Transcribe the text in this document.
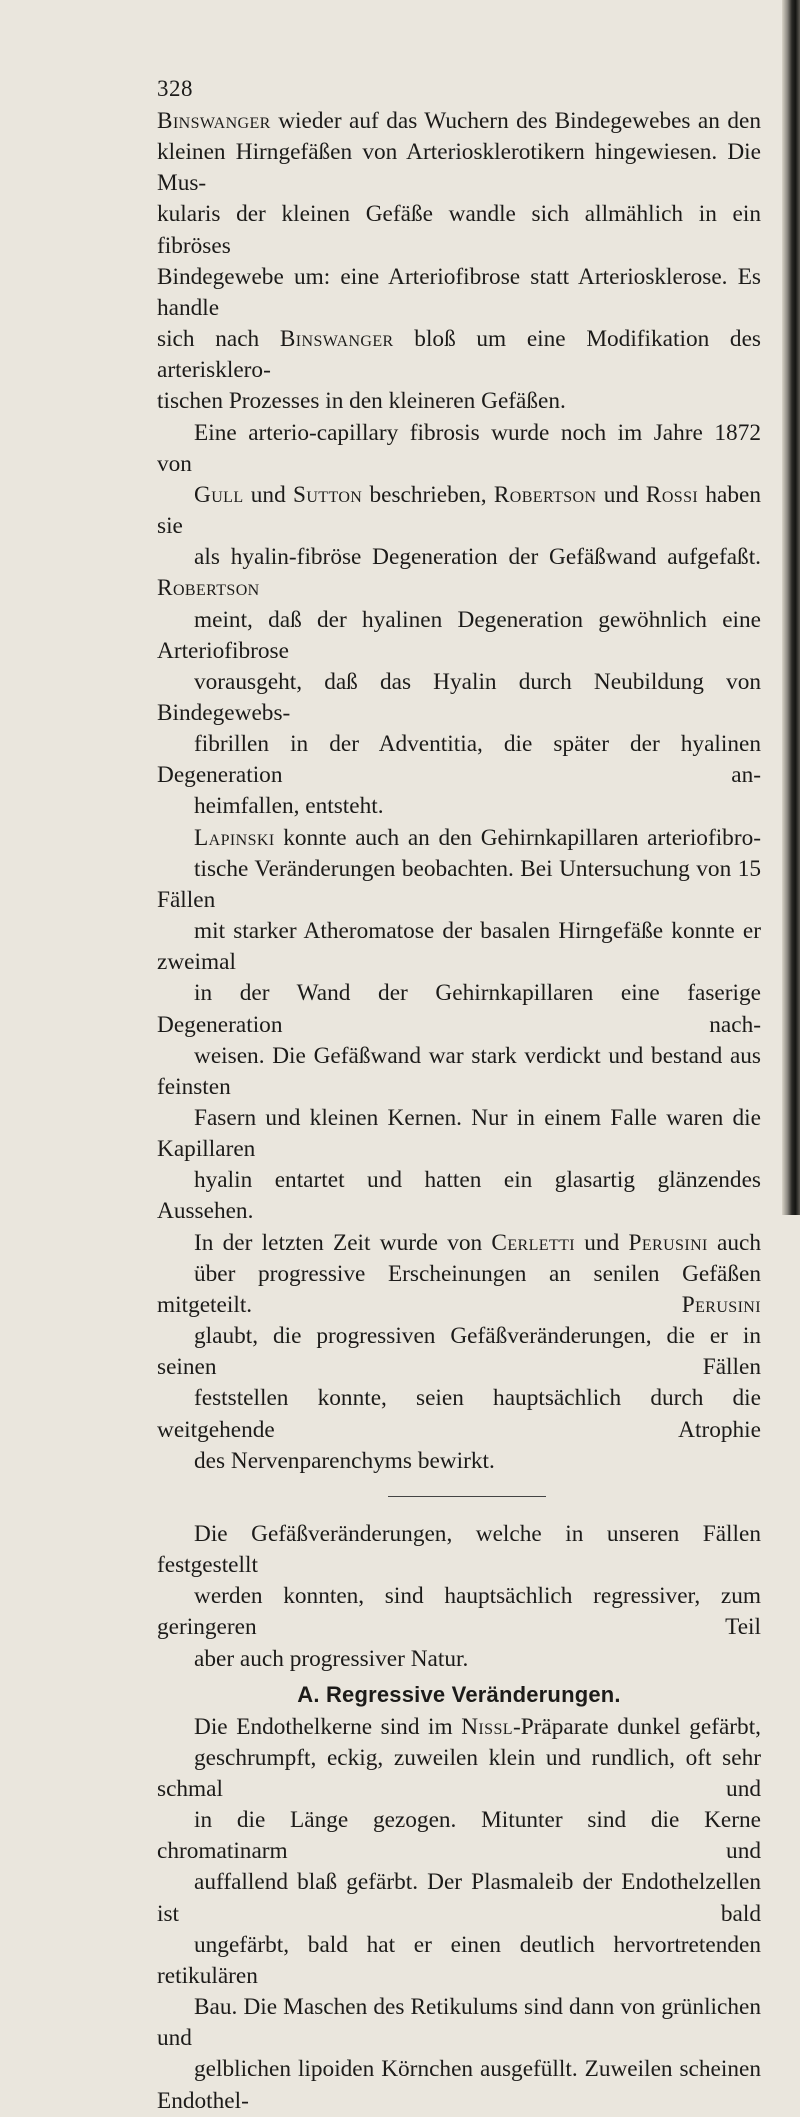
328
Binswanger wieder auf das Wuchern des Bindegewebes an den
kleinen Hirngefäßen von Arteriosklerotikern hingewiesen. Die Mus-
kularis der kleinen Gefäße wandle sich allmählich in ein fibröses
Bindegewebe um: eine Arteriofibrose statt Arteriosklerose. Es handle
sich nach Binswanger bloß um eine Modifikation des arterisklero-
tischen Prozesses in den kleineren Gefäßen.
Eine arterio-capillary fibrosis wurde noch im Jahre 1872 von
Gull und Sutton beschrieben, Robertson und Rossi haben sie
als hyalin-fibröse Degeneration der Gefäßwand aufgefaßt. Robertson
meint, daß der hyalinen Degeneration gewöhnlich eine Arteriofibrose
vorausgeht, daß das Hyalin durch Neubildung von Bindegewebs-
fibrillen in der Adventitia, die später der hyalinen Degeneration an-
heimfallen, entsteht.
Lapinski konnte auch an den Gehirnkapillaren arteriofibro-
tische Veränderungen beobachten. Bei Untersuchung von 15 Fällen
mit starker Atheromatose der basalen Hirngefäße konnte er zweimal
in der Wand der Gehirnkapillaren eine faserige Degeneration nach-
weisen. Die Gefäßwand war stark verdickt und bestand aus feinsten
Fasern und kleinen Kernen. Nur in einem Falle waren die Kapillaren
hyalin entartet und hatten ein glasartig glänzendes Aussehen.
In der letzten Zeit wurde von Cerletti und Perusini auch
über progressive Erscheinungen an senilen Gefäßen mitgeteilt. Perusini
glaubt, die progressiven Gefäßveränderungen, die er in seinen Fällen
feststellen konnte, seien hauptsächlich durch die weitgehende Atrophie
des Nervenparenchyms bewirkt.
Die Gefäßveränderungen, welche in unseren Fällen festgestellt
werden konnten, sind hauptsächlich regressiver, zum geringeren Teil
aber auch progressiver Natur.
A. Regressive Veränderungen.
Die Endothelkerne sind im Nissl-Präparate dunkel gefärbt,
geschrumpft, eckig, zuweilen klein und rundlich, oft sehr schmal und
in die Länge gezogen. Mitunter sind die Kerne chromatinarm und
auffallend blaß gefärbt. Der Plasmaleib der Endothelzellen ist bald
ungefärbt, bald hat er einen deutlich hervortretenden retikulären
Bau. Die Maschen des Retikulums sind dann von grünlichen und
gelblichen lipoiden Körnchen ausgefüllt. Zuweilen scheinen Endothel-
